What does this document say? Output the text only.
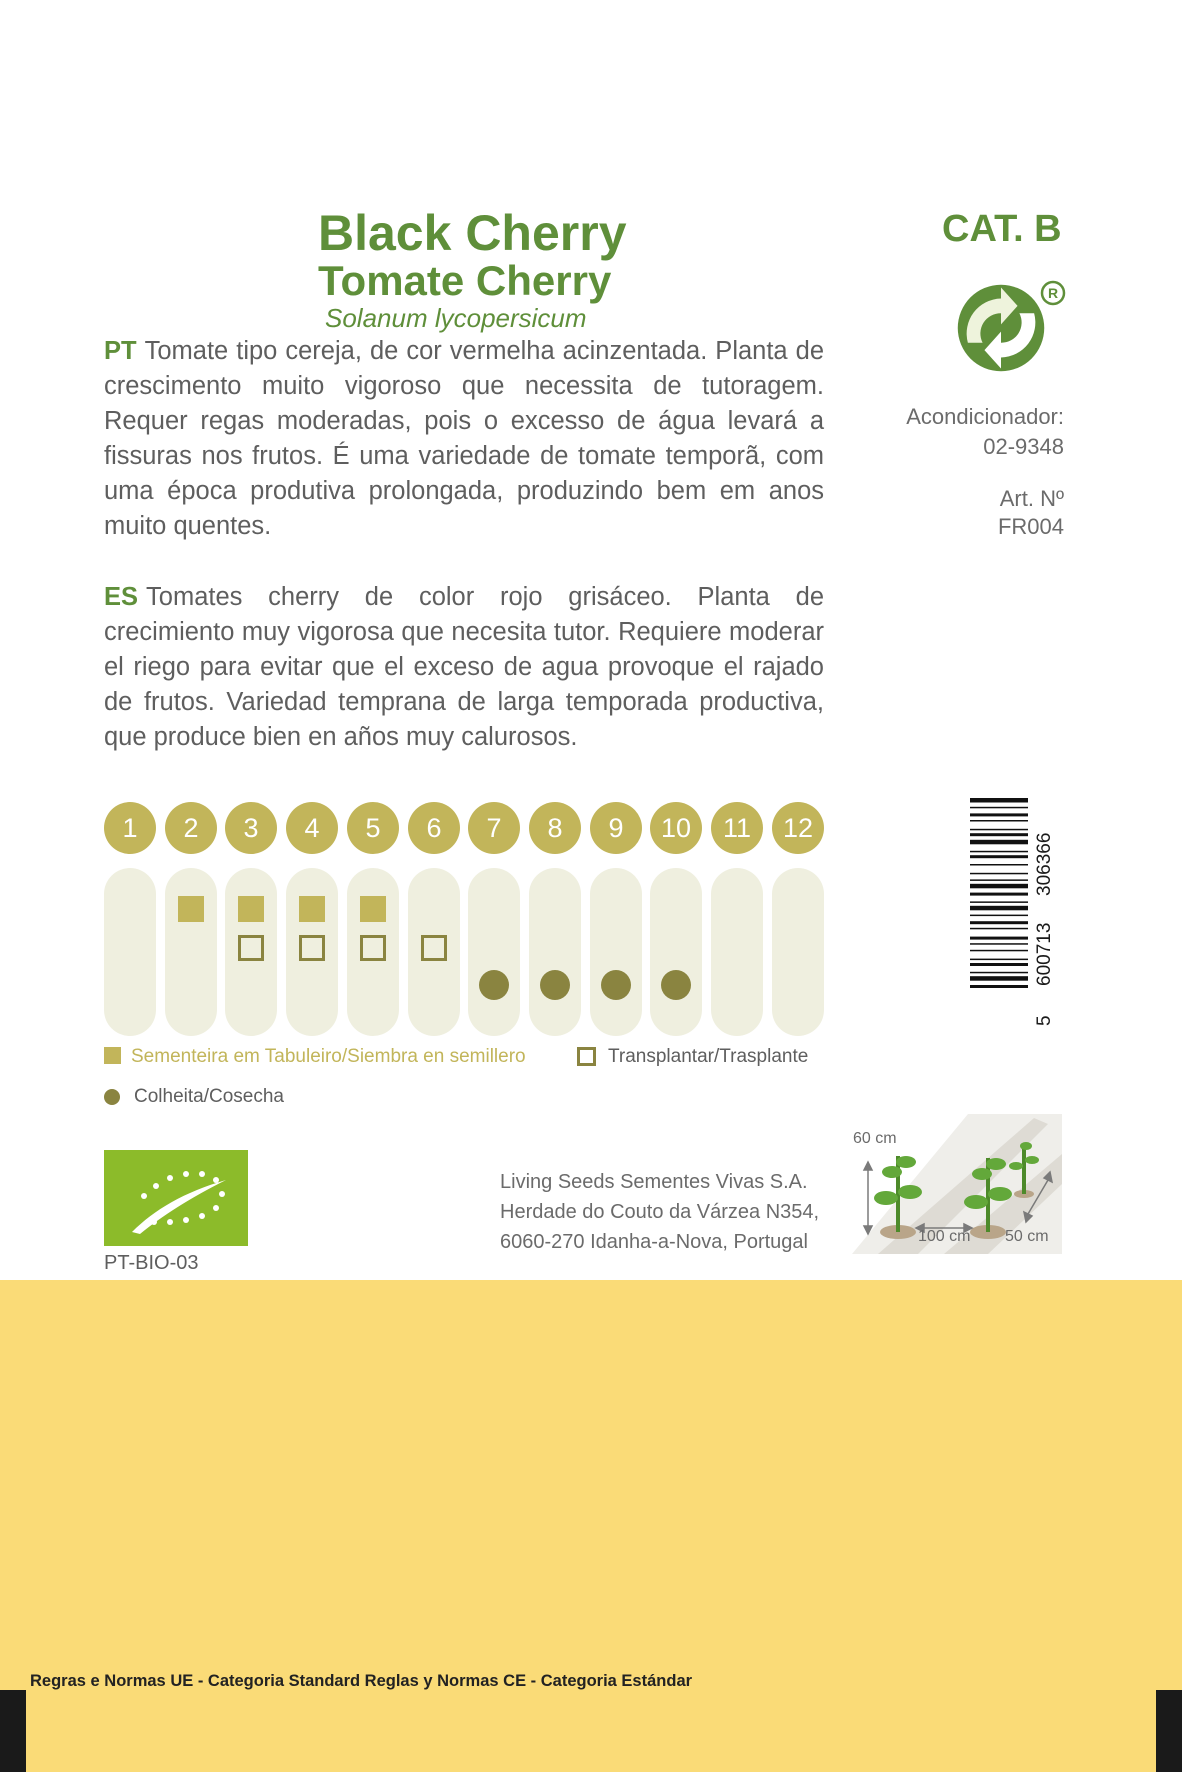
Black Cherry
Tomate Cherry
Solanum lycopersicum
PT Tomate tipo cereja, de cor vermelha acinzentada. Planta de crescimento muito vigoroso que necessita de tutoragem. Requer regas moderadas, pois o excesso de água levará a fissuras nos frutos. É uma variedade de tomate temporã, com uma época produtiva prolongada, produzindo bem em anos muito quentes.
ES Tomates cherry de color rojo grisáceo. Planta de crecimiento muy vigorosa que necesita tutor. Requiere moderar el riego para evitar que el exceso de agua provoque el rajado de frutos. Variedad temprana de larga temporada productiva, que produce bien en años muy calurosos.
CAT. B
R
Acondicionador:
02-9348
Art. Nº
FR004
5
600713
306366
1	2	3	4	5	6	7	8	9	10	11	12
Sementeira em Tabuleiro/Siembra en semillero	Transplantar/Trasplante
Colheita/Cosecha
PT-BIO-03
Living Seeds Sementes Vivas S.A.
Herdade do Couto da Várzea N354,
6060-270 Idanha-a-Nova, Portugal
60 cm
100 cm 50 cm
Regras e Normas UE - Categoria Standard Reglas y Normas CE - Categoria Estándar
